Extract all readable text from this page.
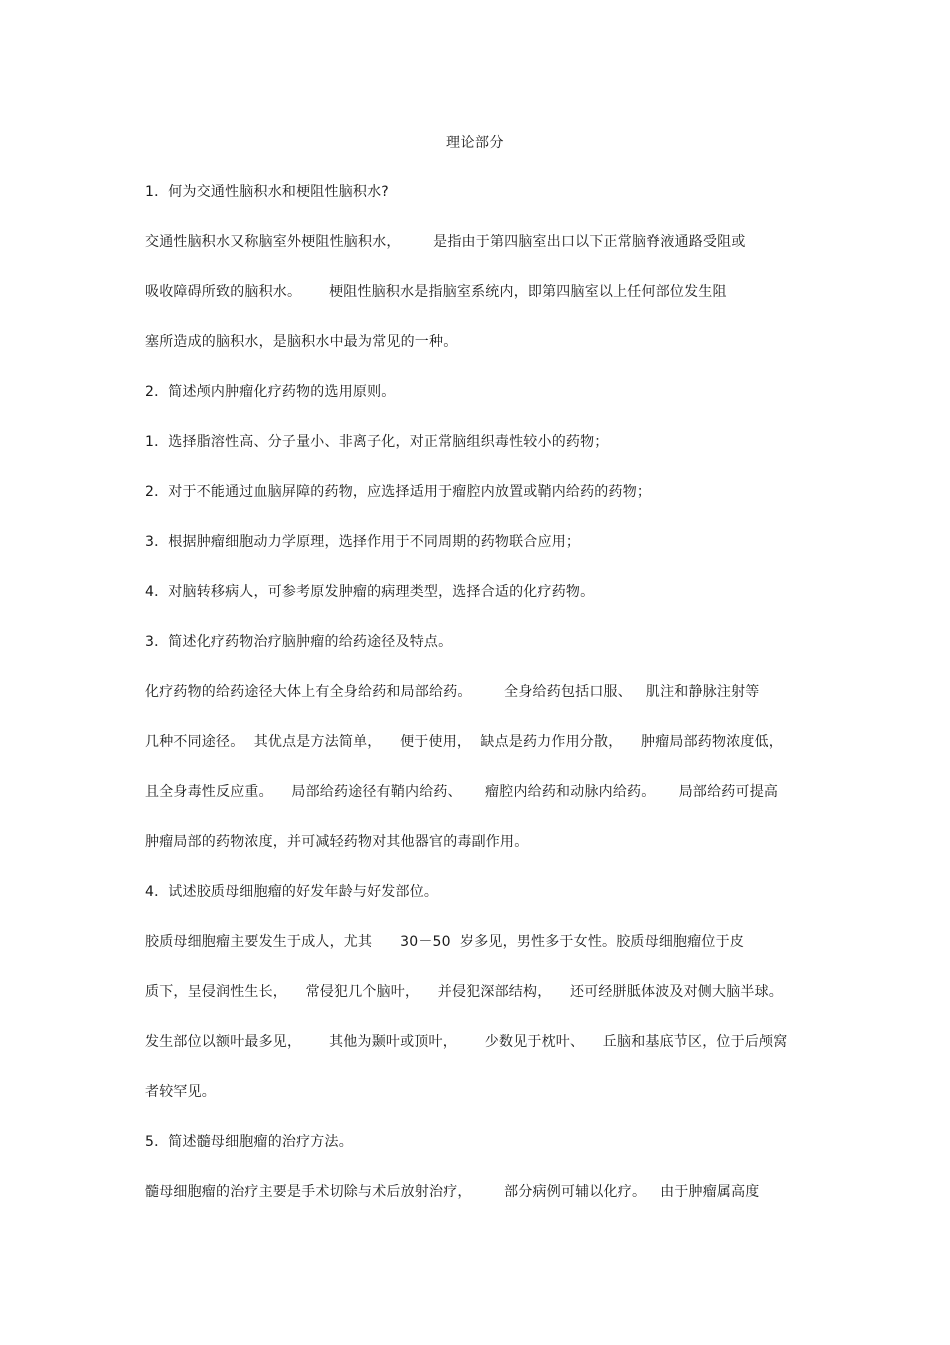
理论部分
1．何为交通性脑积水和梗阻性脑积水?
交通性脑积水又称脑室外梗阻性脑积水，       是指由于第四脑室出口以下正常脑脊液通路受阻或
吸收障碍所致的脑积水。      梗阻性脑积水是指脑室系统内，即第四脑室以上任何部位发生阻
塞所造成的脑积水，是脑积水中最为常见的一种。
2．简述颅内肿瘤化疗药物的选用原则。
1．选择脂溶性高、分子量小、非离子化，对正常脑组织毒性较小的药物；
2．对于不能通过血脑屏障的药物，应选择适用于瘤腔内放置或鞘内给药的药物；
3．根据肿瘤细胞动力学原理，选择作用于不同周期的药物联合应用；
4．对脑转移病人，可参考原发肿瘤的病理类型，选择合适的化疗药物。
3．简述化疗药物治疗脑肿瘤的给药途径及特点。
化疗药物的给药途径大体上有全身给药和局部给药。       全身给药包括口服、   肌注和静脉注射等
几种不同途径。  其优点是方法简单，    便于使用，  缺点是药力作用分散，    肿瘤局部药物浓度低，
且全身毒性反应重。    局部给药途径有鞘内给药、     瘤腔内给药和动脉内给药。     局部给药可提高
肿瘤局部的药物浓度，并可减轻药物对其他器官的毒副作用。
4．试述胶质母细胞瘤的好发年龄与好发部位。
胶质母细胞瘤主要发生于成人，尤其      30－50  岁多见，男性多于女性。胶质母细胞瘤位于皮
质下，呈侵润性生长，    常侵犯几个脑叶，    并侵犯深部结构，    还可经胼胝体波及对侧大脑半球。
发生部位以额叶最多见，      其他为颞叶或顶叶，      少数见于枕叶、    丘脑和基底节区，位于后颅窝
者较罕见。
5．简述髓母细胞瘤的治疗方法。
髓母细胞瘤的治疗主要是手术切除与术后放射治疗，       部分病例可辅以化疗。   由于肿瘤属高度
